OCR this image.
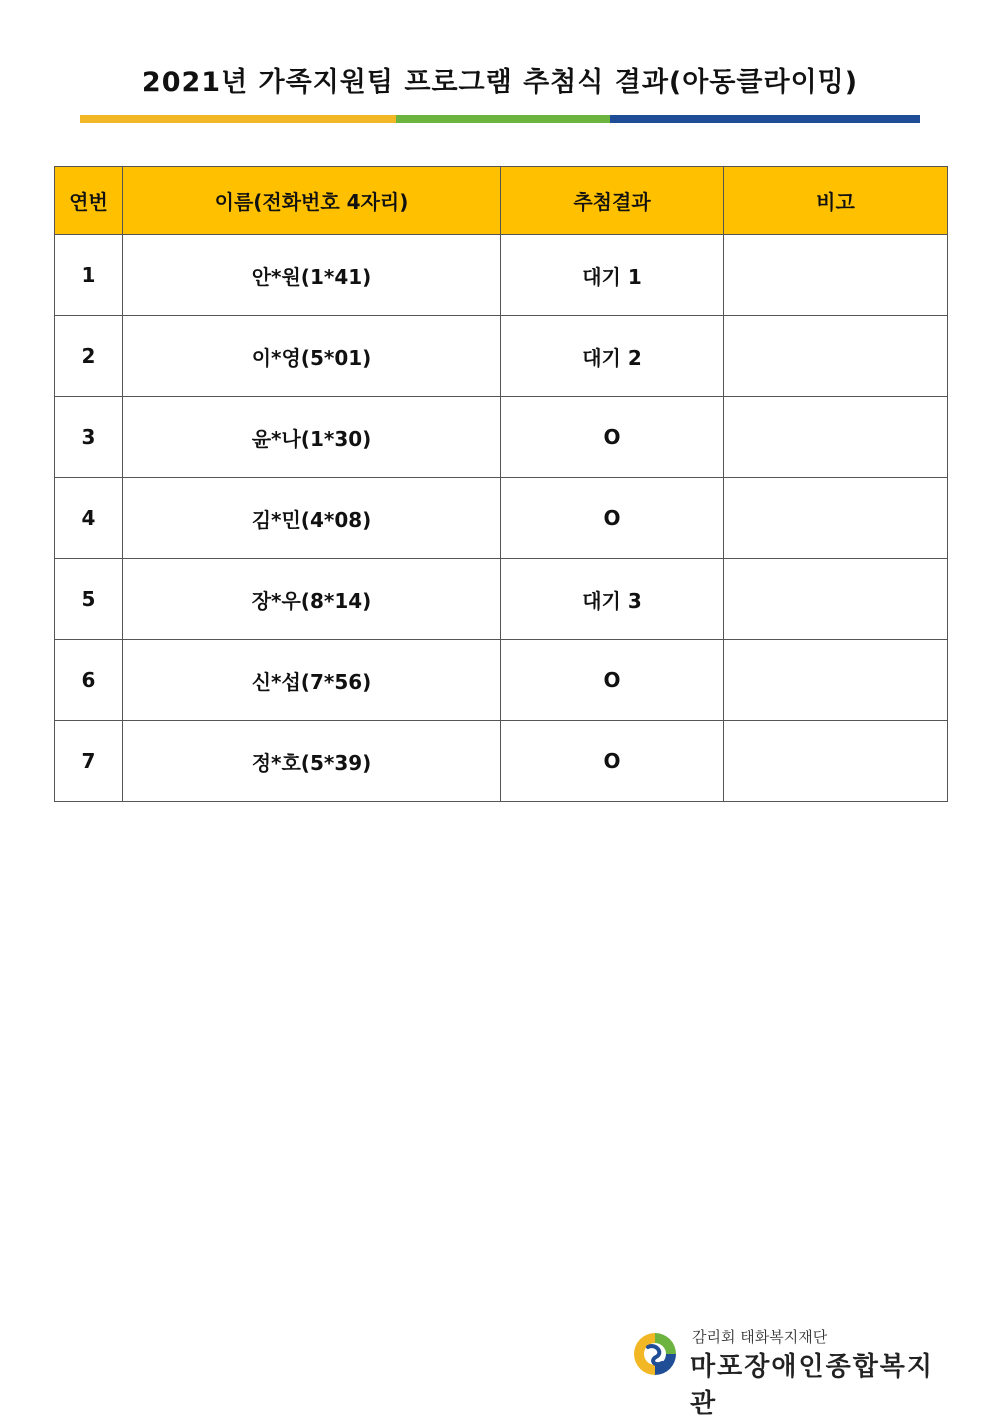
2021년 가족지원팀 프로그램 추첨식 결과(아동클라이밍)
연번	이름(전화번호 4자리)	추첨결과	비고
1	안*원(1*41)	대기 1	
2	이*영(5*01)	대기 2	
3	윤*나(1*30)	O	
4	김*민(4*08)	O	
5	장*우(8*14)	대기 3	
6	신*섭(7*56)	O	
7	정*호(5*39)	O	
감리회 태화복지재단
마포장애인종합복지관
